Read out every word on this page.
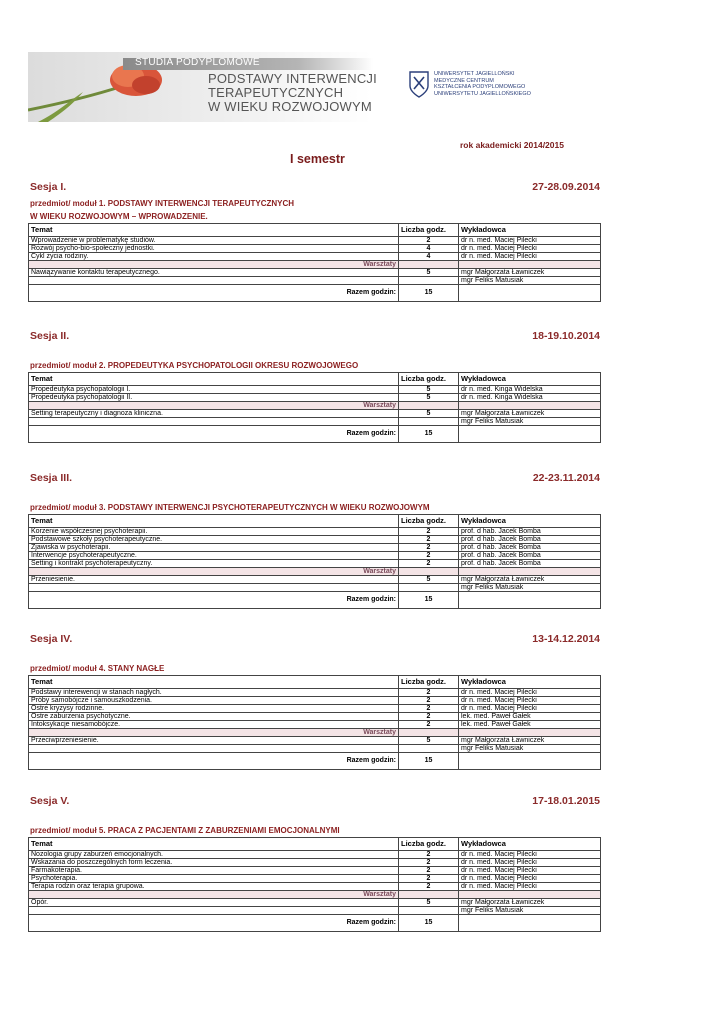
STUDIA PODYPLOMOWE
PODSTAWY INTERWENCJI
TERAPEUTYCZNYCH
W WIEKU ROZWOJOWYM
UNIWERSYTET JAGIELLOŃSKI
MEDYCZNE CENTRUM
KSZTAŁCENIA PODYPLOMOWEGO
UNIWERSYTETU JAGIELLOŃSKIEGO
rok akademicki 2014/2015
I semestr
Sesja I.	27-28.09.2014
przedmiot/ moduł 1. PODSTAWY INTERWENCJI TERAPEUTYCZNYCH
W WIEKU ROZWOJOWYM – WPROWADZENIE.
Temat	Liczba godz.	Wykładowca
Wprowadzenie w problematykę studiów.	2	dr n. med. Maciej Pilecki
Rozwój psycho-bio-społeczny jednostki.	4	dr n. med. Maciej Pilecki
Cykl życia rodziny.	4	dr n. med. Maciej Pilecki
Warsztaty		
Nawiązywanie kontaktu terapeutycznego.	5	mgr Małgorzata Ławniczek
		mgr Feliks Matusiak
Razem godzin:	15	
Sesja II.	18-19.10.2014

przedmiot/ moduł 2. PROPEDEUTYKA PSYCHOPATOLOGII OKRESU ROZWOJOWEGO
Temat	Liczba godz.	Wykładowca
Propedeutyka psychopatologii I.	5	dr n. med. Kinga Widelska
Propedeutyka psychopatologii II.	5	dr n. med. Kinga Widelska
Warsztaty		
Setting terapeutyczny i diagnoza kliniczna.	5	mgr Małgorzata Ławniczek
		mgr Feliks Matusiak
Razem godzin:	15	
Sesja III.	22-23.11.2014

przedmiot/ moduł 3. PODSTAWY INTERWENCJI PSYCHOTERAPEUTYCZNYCH W WIEKU ROZWOJOWYM
Temat	Liczba godz.	Wykładowca
Korzenie współczesnej psychoterapii.	2	prof. d hab. Jacek Bomba
Podstawowe szkoły psychoterapeutyczne.	2	prof. d hab. Jacek Bomba
Zjawiska w psychoterapii.	2	prof. d hab. Jacek Bomba
Interwencje psychoterapeutyczne.	2	prof. d hab. Jacek Bomba
Setting i kontrakt psychoterapeutyczny.	2	prof. d hab. Jacek Bomba
Warsztaty		
Przeniesienie.	5	mgr Małgorzata Ławniczek
		mgr Feliks Matusiak
Razem godzin:	15	
Sesja IV.	13-14.12.2014

przedmiot/ moduł 4. STANY NAGŁE
Temat	Liczba godz.	Wykładowca
Podstawy interewencji w stanach nagłych.	2	dr n. med. Maciej Pilecki
Próby samobójcze i samouszkodzenia.	2	dr n. med. Maciej Pilecki
Ostre kryzysy rodzinne.	2	dr n. med. Maciej Pilecki
Ostre zaburzenia psychotyczne.	2	lek. med. Paweł Gałek
Intoksykacje niesamobójcze.	2	lek. med. Paweł Gałek
Warsztaty		
Przeciwprzeniesienie.	5	mgr Małgorzata Ławniczek
		mgr Feliks Matusiak
Razem godzin:	15	
Sesja V.	17-18.01.2015

przedmiot/ moduł 5. PRACA Z PACJENTAMI Z ZABURZENIAMI EMOCJONALNYMI
Temat	Liczba godz.	Wykładowca
Nozologia grupy zaburzeń emocjonalnych.	2	dr n. med. Maciej Pilecki
Wskazania do poszczególnych form leczenia.	2	dr n. med. Maciej Pilecki
Farmakoterapia.	2	dr n. med. Maciej Pilecki
Psychoterapia.	2	dr n. med. Maciej Pilecki
Terapia rodzin oraz terapia grupowa.	2	dr n. med. Maciej Pilecki
Warsztaty		
Opór.	5	mgr Małgorzata Ławniczek
		mgr Feliks Matusiak
Razem godzin:	15	
